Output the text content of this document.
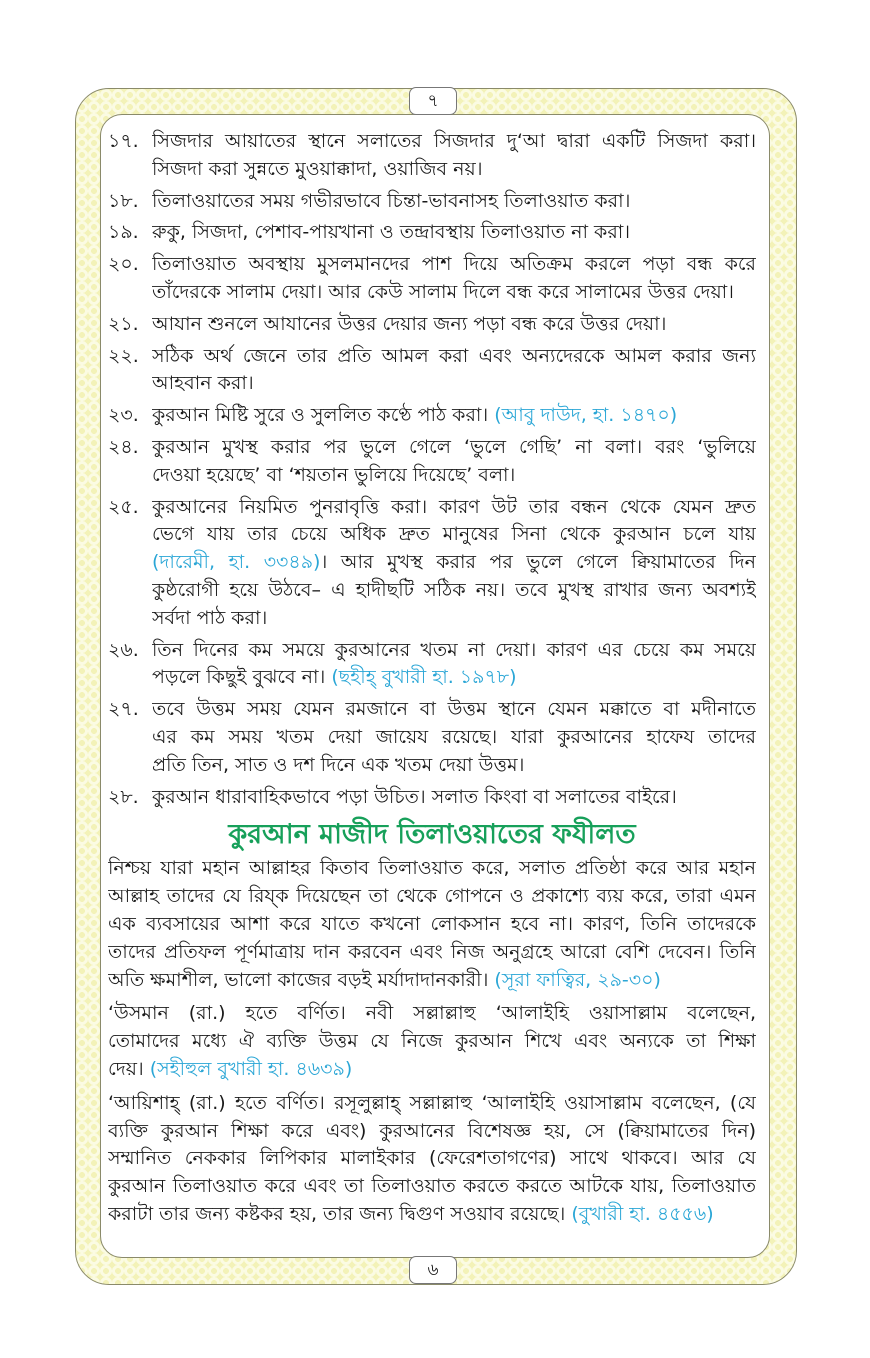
৭
৬
১৭. সিজদার আয়াতের স্থানে সলাতের সিজদার দু‘আ দ্বারা একটি সিজদা করা।
সিজদা করা সুন্নতে মুওয়াক্কাদা, ওয়াজিব নয়।
১৮. তিলাওয়াতের সময় গভীরভাবে চিন্তা-ভাবনাসহ তিলাওয়াত করা।
১৯. রুকু, সিজদা, পেশাব-পায়খানা ও তন্দ্রাবস্থায় তিলাওয়াত না করা।
২০. তিলাওয়াত অবস্থায় মুসলমানদের পাশ দিয়ে অতিক্রম করলে পড়া বন্ধ করে
তাঁদেরকে সালাম দেয়া। আর কেউ সালাম দিলে বন্ধ করে সালামের উত্তর দেয়া।
২১. আযান শুনলে আযানের উত্তর দেয়ার জন্য পড়া বন্ধ করে উত্তর দেয়া।
২২. সঠিক অর্থ জেনে তার প্রতি আমল করা এবং অন্যদেরকে আমল করার জন্য
আহবান করা।
২৩. কুরআন মিষ্টি সুরে ও সুললিত কণ্ঠে পাঠ করা। (আবু দাউদ, হা. ১৪৭০)
২৪. কুরআন মুখস্থ করার পর ভুলে গেলে ‘ভুলে গেছি’ না বলা। বরং ‘ভুলিয়ে
দেওয়া হয়েছে’ বা ‘শয়তান ভুলিয়ে দিয়েছে’ বলা।
২৫. কুরআনের নিয়মিত পুনরাবৃত্তি করা। কারণ উট তার বন্ধন থেকে যেমন দ্রুত
ভেগে যায় তার চেয়ে অধিক দ্রুত মানুষের সিনা থেকে কুরআন চলে যায়
(দারেমী, হা. ৩৩৪৯)। আর মুখস্থ করার পর ভুলে গেলে ক্বিয়ামাতের দিন
কুষ্ঠরোগী হয়ে উঠবে– এ হাদীছটি সঠিক নয়। তবে মুখস্থ রাখার জন্য অবশ্যই
সর্বদা পাঠ করা।
২৬. তিন দিনের কম সময়ে কুরআনের খতম না দেয়া। কারণ এর চেয়ে কম সময়ে
পড়লে কিছুই বুঝবে না। (ছহীহ্ বুখারী হা. ১৯৭৮)
২৭. তবে উত্তম সময় যেমন রমজানে বা উত্তম স্থানে যেমন মক্কাতে বা মদীনাতে
এর কম সময় খতম দেয়া জায়েয রয়েছে। যারা কুরআনের হাফেয তাদের
প্রতি তিন, সাত ও দশ দিনে এক খতম দেয়া উত্তম।
২৮. কুরআন ধারাবাহিকভাবে পড়া উচিত। সলাত কিংবা বা সলাতের বাইরে।
কুরআন মাজীদ তিলাওয়াতের ফযীলত
নিশ্চয় যারা মহান আল্লাহর কিতাব তিলাওয়াত করে, সলাত প্রতিষ্ঠা করে আর মহান
আল্লাহ তাদের যে রিয্‌ক দিয়েছেন তা থেকে গোপনে ও প্রকাশ্যে ব্যয় করে, তারা এমন
এক ব্যবসায়ের আশা করে যাতে কখনো লোকসান হবে না। কারণ, তিনি তাদেরকে
তাদের প্রতিফল পূর্ণমাত্রায় দান করবেন এবং নিজ অনুগ্রহে আরো বেশি দেবেন। তিনি
অতি ক্ষমাশীল, ভালো কাজের বড়ই মর্যাদাদানকারী। (সূরা ফাত্বির, ২৯-৩০)
‘উসমান (রা.) হতে বর্ণিত। নবী সল্লাল্লাহু ‘আলাইহি ওয়াসাল্লাম বলেছেন,
তোমাদের মধ্যে ঐ ব্যক্তি উত্তম যে নিজে কুরআন শিখে এবং অন্যকে তা শিক্ষা
দেয়। (সহীহুল বুখারী হা. ৪৬৩৯)
‘আয়িশাহ্ (রা.) হতে বর্ণিত। রসূলুল্লাহ্ সল্লাল্লাহু ‘আলাইহি ওয়াসাল্লাম বলেছেন, (যে
ব্যক্তি কুরআন শিক্ষা করে এবং) কুরআনের বিশেষজ্ঞ হয়, সে (ক্বিয়ামাতের দিন)
সম্মানিত নেককার লিপিকার মালাইকার (ফেরেশতাগণের) সাথে থাকবে। আর যে
কুরআন তিলাওয়াত করে এবং তা তিলাওয়াত করতে করতে আটকে যায়, তিলাওয়াত
করাটা তার জন্য কষ্টকর হয়, তার জন্য দ্বিগুণ সওয়াব রয়েছে। (বুখারী হা. ৪৫৫৬)
